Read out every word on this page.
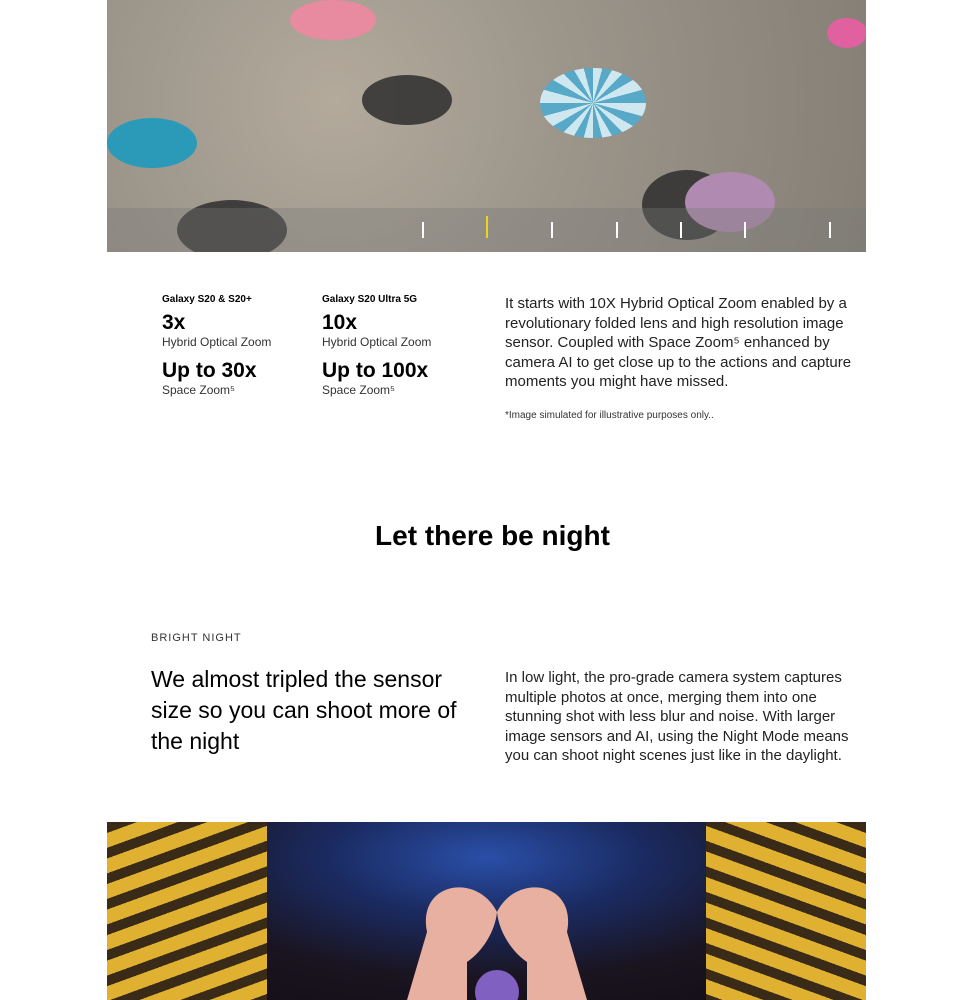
Galaxy S20 & S20+
3x
Hybrid Optical Zoom
Up to 30x
Space Zoom⁵
Galaxy S20 Ultra 5G
10x
Hybrid Optical Zoom
Up to 100x
Space Zoom⁵
It starts with 10X Hybrid Optical Zoom enabled by a revolutionary folded lens and high resolution image sensor. Coupled with Space Zoom⁵ enhanced by camera AI to get close up to the actions and capture moments you might have missed.
*Image simulated for illustrative purposes only..
Let there be night
BRIGHT NIGHT
We almost tripled the sensor size so you can shoot more of the night
In low light, the pro-grade camera system captures multiple photos at once, merging them into one stunning shot with less blur and noise. With larger image sensors and AI, using the Night Mode means you can shoot night scenes just like in the daylight.
